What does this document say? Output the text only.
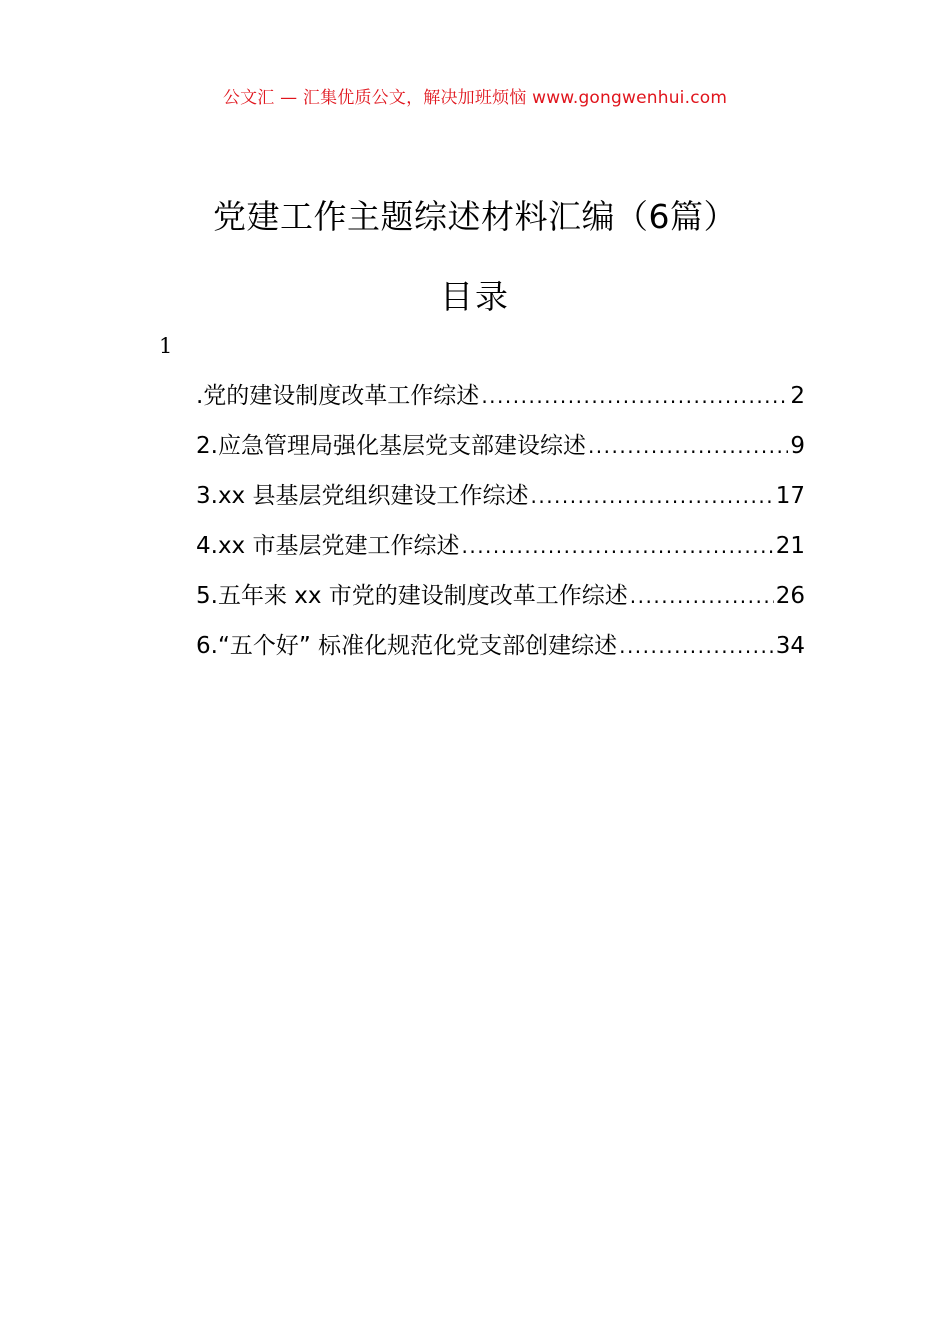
公文汇 — 汇集优质公文，解决加班烦恼 www.gongwenhui.com
党建工作主题综述材料汇编（6篇）
目录
1
.党的建设制度改革工作综述 .....	2
2.应急管理局强化基层党支部建设综述 .....	9
3.xx 县基层党组织建设工作综述 .....	17
4.xx 市基层党建工作综述 .....	21
5.五年来 xx 市党的建设制度改革工作综述 .....	26
6.“五个好” 标准化规范化党支部创建综述 .....	34
